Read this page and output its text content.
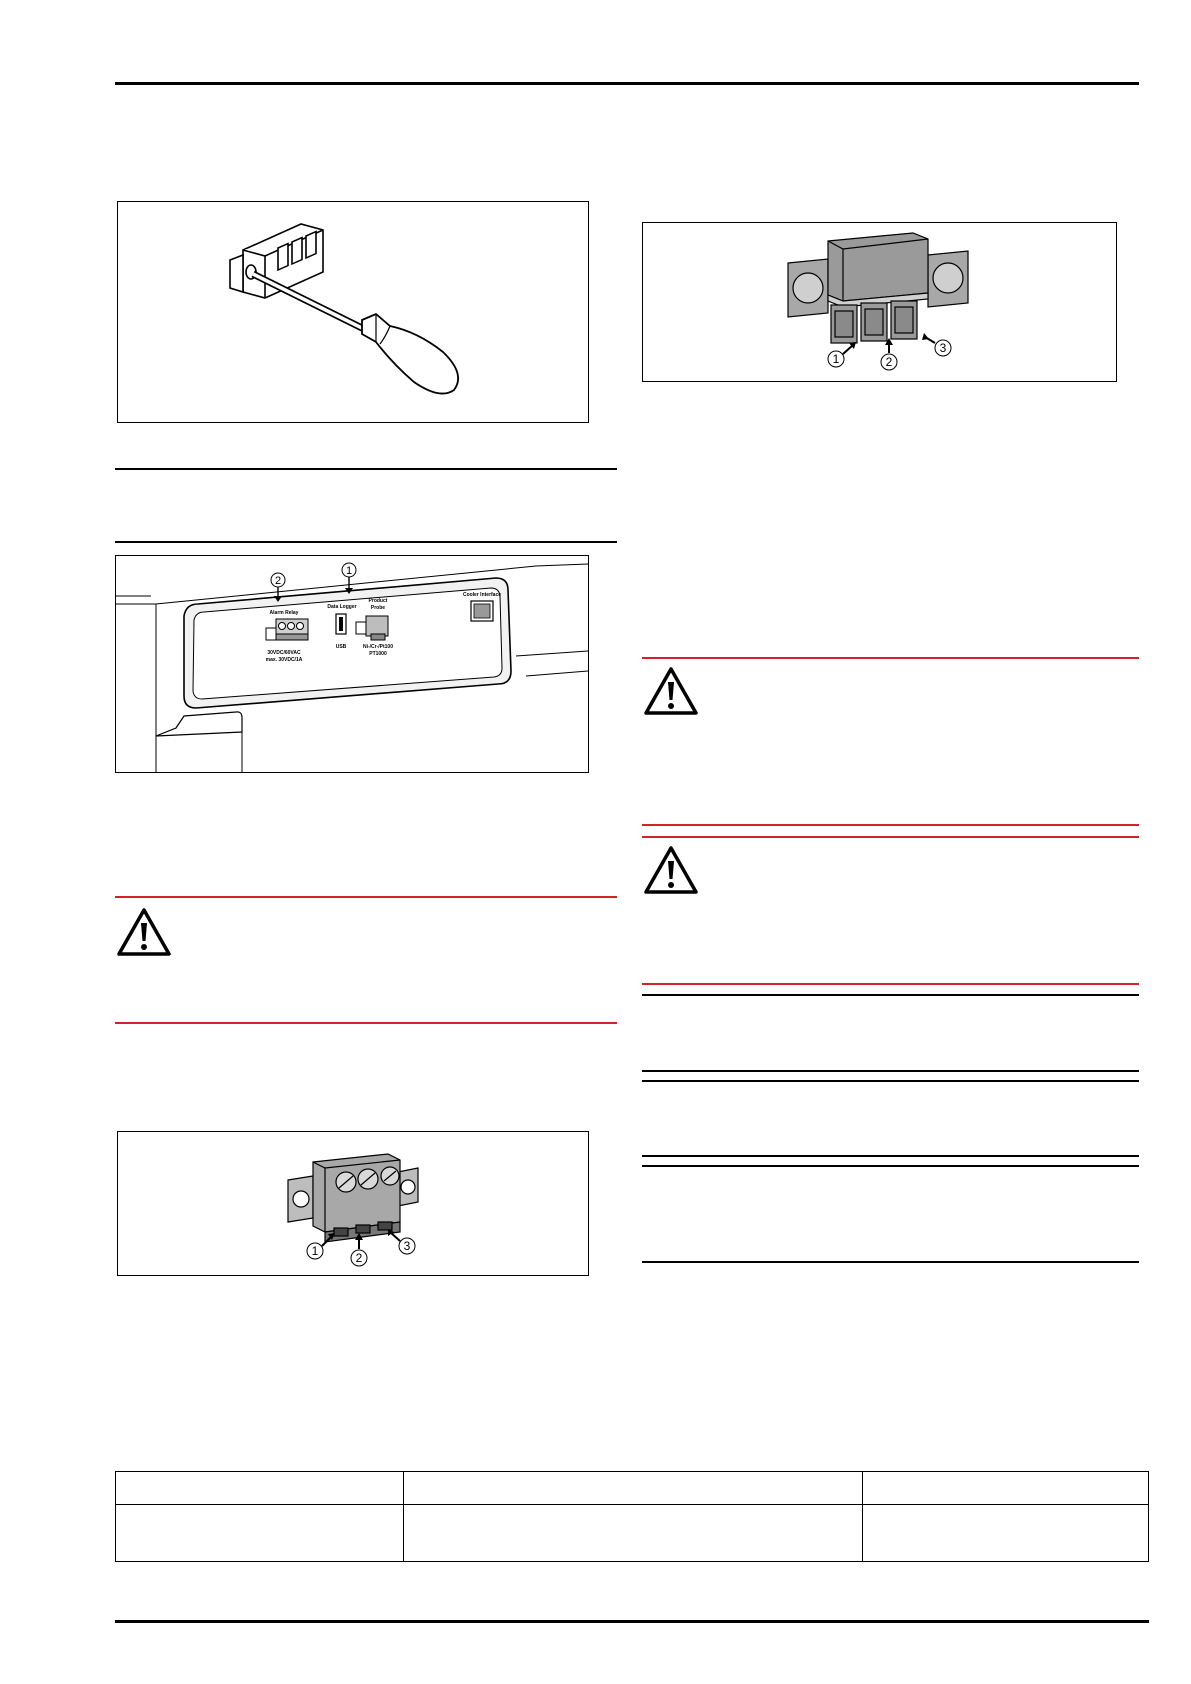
2
1
Alarm Relay
30VDC/60VAC
max. 30VDC/1A
Data Logger
USB
Product
Probe
Ni-/Cr-/Pt100
PT1000
Cooler Interface
1	2
3
1	2
3
